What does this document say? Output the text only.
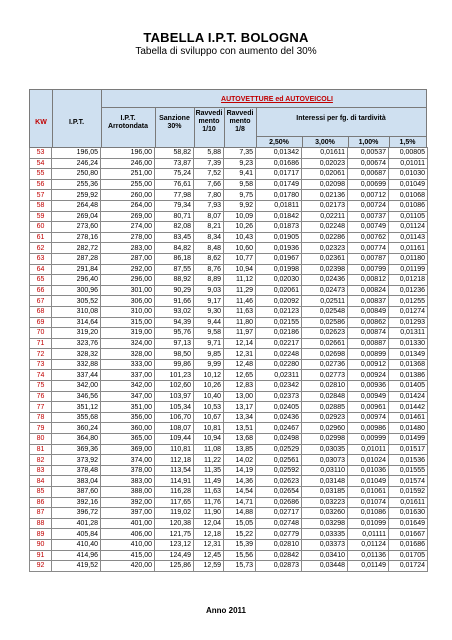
TABELLA I.P.T. BOLOGNA
Tabella di sviluppo con aumento del 30%
AUTOVETTURE ed AUTOVEICOLI
KW	I.P.T.
I.P.T.
Arrotondata
Sanzione
30%
Ravvedi
mento
1/10
Ravvedi
mento
1/8
Interessi per fg. di tardività
2,50%	3,00%	1,00%	1,5%
53	196,05	196,00	58,82	5,88	7,35	0,01342	0,01611	0,00537	0,00805
54	246,24	246,00	73,87	7,39	9,23	0,01686	0,02023	0,00674	0,01011
55	250,80	251,00	75,24	7,52	9,41	0,01717	0,02061	0,00687	0,01030
56	255,36	255,00	76,61	7,66	9,58	0,01749	0,02098	0,00699	0,01049
57	259,92	260,00	77,98	7,80	9,75	0,01780	0,02136	0,00712	0,01068
58	264,48	264,00	79,34	7,93	9,92	0,01811	0,02173	0,00724	0,01086
59	269,04	269,00	80,71	8,07	10,09	0,01842	0,02211	0,00737	0,01105
60	273,60	274,00	82,08	8,21	10,26	0,01873	0,02248	0,00749	0,01124
61	278,16	278,00	83,45	8,34	10,43	0,01905	0,02286	0,00762	0,01143
62	282,72	283,00	84,82	8,48	10,60	0,01936	0,02323	0,00774	0,01161
63	287,28	287,00	86,18	8,62	10,77	0,01967	0,02361	0,00787	0,01180
64	291,84	292,00	87,55	8,76	10,94	0,01998	0,02398	0,00799	0,01199
65	296,40	296,00	88,92	8,89	11,12	0,02030	0,02436	0,00812	0,01218
66	300,96	301,00	90,29	9,03	11,29	0,02061	0,02473	0,00824	0,01236
67	305,52	306,00	91,66	9,17	11,46	0,02092	0,02511	0,00837	0,01255
68	310,08	310,00	93,02	9,30	11,63	0,02123	0,02548	0,00849	0,01274
69	314,64	315,00	94,39	9,44	11,80	0,02155	0,02586	0,00862	0,01293
70	319,20	319,00	95,76	9,58	11,97	0,02186	0,02623	0,00874	0,01311
71	323,76	324,00	97,13	9,71	12,14	0,02217	0,02661	0,00887	0,01330
72	328,32	328,00	98,50	9,85	12,31	0,02248	0,02698	0,00899	0,01349
73	332,88	333,00	99,86	9,99	12,48	0,02280	0,02736	0,00912	0,01368
74	337,44	337,00	101,23	10,12	12,65	0,02311	0,02773	0,00924	0,01386
75	342,00	342,00	102,60	10,26	12,83	0,02342	0,02810	0,00936	0,01405
76	346,56	347,00	103,97	10,40	13,00	0,02373	0,02848	0,00949	0,01424
77	351,12	351,00	105,34	10,53	13,17	0,02405	0,02885	0,00961	0,01442
78	355,68	356,00	106,70	10,67	13,34	0,02436	0,02923	0,00974	0,01461
79	360,24	360,00	108,07	10,81	13,51	0,02467	0,02960	0,00986	0,01480
80	364,80	365,00	109,44	10,94	13,68	0,02498	0,02998	0,00999	0,01499
81	369,36	369,00	110,81	11,08	13,85	0,02529	0,03035	0,01011	0,01517
82	373,92	374,00	112,18	11,22	14,02	0,02561	0,03073	0,01024	0,01536
83	378,48	378,00	113,54	11,35	14,19	0,02592	0,03110	0,01036	0,01555
84	383,04	383,00	114,91	11,49	14,36	0,02623	0,03148	0,01049	0,01574
85	387,60	388,00	116,28	11,63	14,54	0,02654	0,03185	0,01061	0,01592
86	392,16	392,00	117,65	11,76	14,71	0,02686	0,03223	0,01074	0,01611
87	396,72	397,00	119,02	11,90	14,88	0,02717	0,03260	0,01086	0,01630
88	401,28	401,00	120,38	12,04	15,05	0,02748	0,03298	0,01099	0,01649
89	405,84	406,00	121,75	12,18	15,22	0,02779	0,03335	0,01111	0,01667
90	410,40	410,00	123,12	12,31	15,39	0,02810	0,03373	0,01124	0,01686
91	414,96	415,00	124,49	12,45	15,56	0,02842	0,03410	0,01136	0,01705
92	419,52	420,00	125,86	12,59	15,73	0,02873	0,03448	0,01149	0,01724
Anno 2011
